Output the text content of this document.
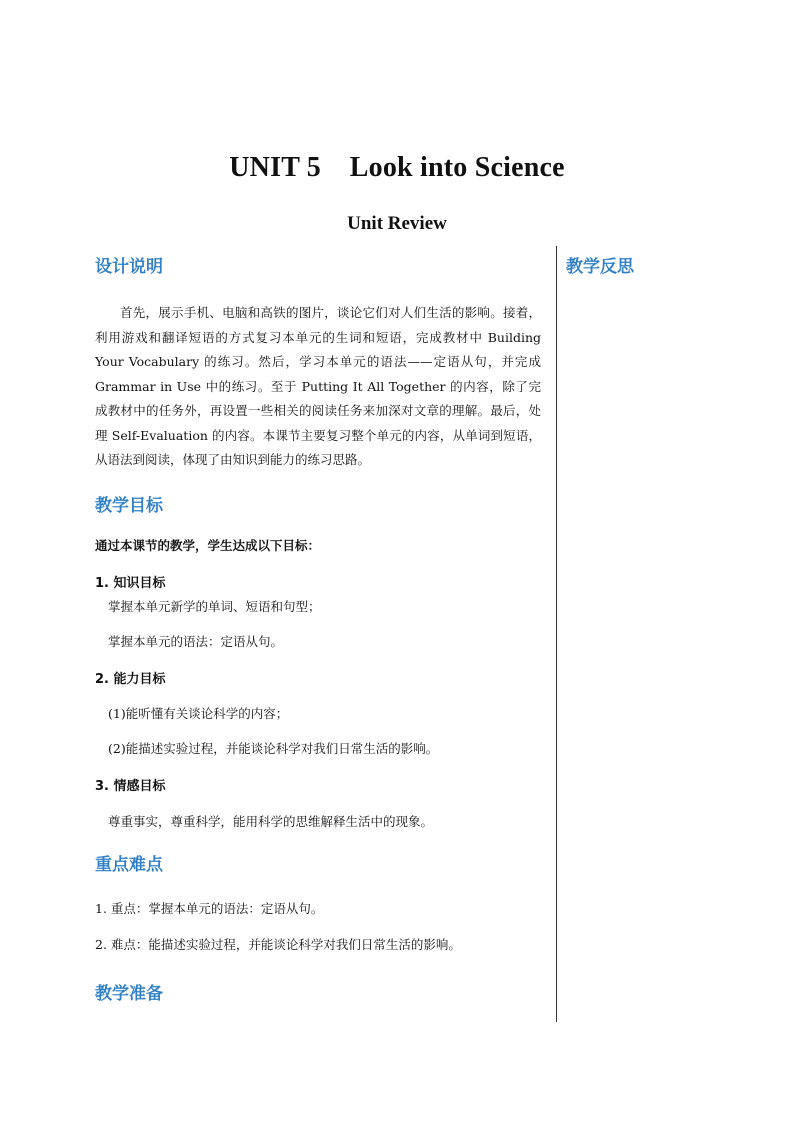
UNIT 5    Look into Science
Unit Review
教学反思
设计说明

首先，展示手机、电脑和高铁的图片，谈论它们对人们生活的影响。接着，利用游戏和翻译短语的方式复习本单元的生词和短语，完成教材中 Building Your Vocabulary 的练习。然后，学习本单元的语法——定语从句，并完成 Grammar in Use 中的练习。至于 Putting It All Together 的内容，除了完成教材中的任务外，再设置一些相关的阅读任务来加深对文章的理解。最后，处理 Self-Evaluation 的内容。本课节主要复习整个单元的内容，从单词到短语，从语法到阅读，体现了由知识到能力的练习思路。

教学目标

通过本课节的教学，学生达成以下目标：

1. 知识目标

掌握本单元新学的单词、短语和句型；

掌握本单元的语法：定语从句。

2. 能力目标

(1)能听懂有关谈论科学的内容；

(2)能描述实验过程，并能谈论科学对我们日常生活的影响。

3. 情感目标

尊重事实，尊重科学，能用科学的思维解释生活中的现象。

重点难点

1. 重点：掌握本单元的语法：定语从句。

2. 难点：能描述实验过程，并能谈论科学对我们日常生活的影响。

教学准备
